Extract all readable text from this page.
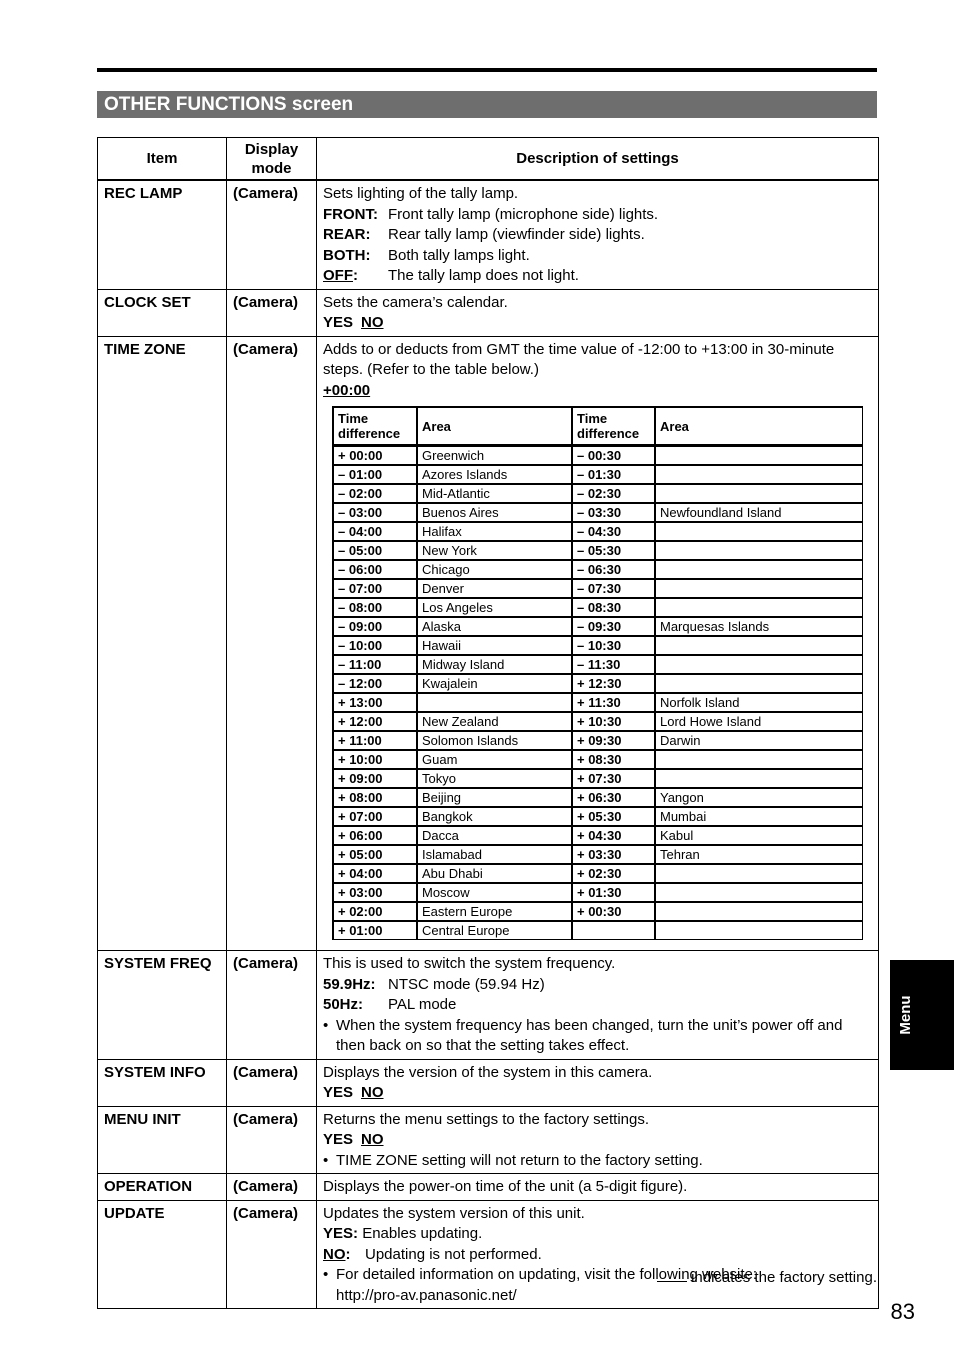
OTHER FUNCTIONS screen
Item	Display mode	Description of settings
REC LAMP	(Camera)	Sets lighting of the tally lamp.
FRONT: Front tally lamp (microphone side) lights.
REAR:	Rear tally lamp (viewfinder side) lights.
BOTH:	Both tally lamps light.
OFF:	The tally lamp does not light.

CLOCK SET	(Camera)	Sets the camera’s calendar.
YES NO

TIME ZONE	(Camera)	Adds to or deducts from GMT the time value of -12:00 to +13:00 in 30-minute steps. (Refer to the table below.)
+00:00
Time difference	Area	Time difference	Area
+ 00:00	Greenwich	– 00:30	
– 01:00	Azores Islands	– 01:30	
– 02:00	Mid-Atlantic	– 02:30	
– 03:00	Buenos Aires	– 03:30	Newfoundland Island
– 04:00	Halifax	– 04:30	
– 05:00	New York	– 05:30	
– 06:00	Chicago	– 06:30	
– 07:00	Denver	– 07:30	
– 08:00	Los Angeles	– 08:30	
– 09:00	Alaska	– 09:30	Marquesas Islands
– 10:00	Hawaii	– 10:30	
– 11:00	Midway Island	– 11:30	
– 12:00	Kwajalein	+ 12:30	
+ 13:00		+ 11:30	Norfolk Island
+ 12:00	New Zealand	+ 10:30	Lord Howe Island
+ 11:00	Solomon Islands	+ 09:30	Darwin
+ 10:00	Guam	+ 08:30	
+ 09:00	Tokyo	+ 07:30	
+ 08:00	Beijing	+ 06:30	Yangon
+ 07:00	Bangkok	+ 05:30	Mumbai
+ 06:00	Dacca	+ 04:30	Kabul
+ 05:00	Islamabad	+ 03:30	Tehran
+ 04:00	Abu Dhabi	+ 02:30	
+ 03:00	Moscow	+ 01:30	
+ 02:00	Eastern Europe	+ 00:30	
+ 01:00	Central Europe		

SYSTEM FREQ	(Camera)	This is used to switch the system frequency.
59.9Hz: NTSC mode (59.94 Hz)
50Hz:	PAL mode
• When the system frequency has been changed, turn the unit’s power off and then back on so that the setting takes effect.

SYSTEM INFO	(Camera)	Displays the version of the system in this camera.
YES NO

MENU INIT	(Camera)	Returns the menu settings to the factory settings.
YES NO
• TIME ZONE setting will not return to the factory setting.

OPERATION	(Camera)	Displays the power-on time of the unit (a 5-digit figure).

UPDATE	(Camera)	Updates the system version of this unit.
YES: Enables updating.
NO: Updating is not performed.
• For detailed information on updating, visit the following website:
http://pro-av.panasonic.net/
indicates the factory setting.
83
Menu
